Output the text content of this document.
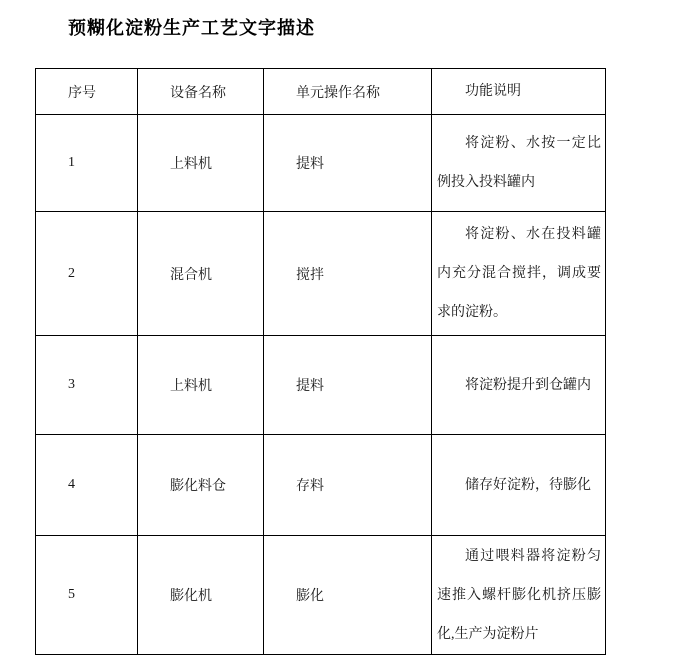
预糊化淀粉生产工艺文字描述
序号	设备名称	单元操作名称	功能说明
1	上料机	提料	将淀粉、水按一定比例投入投料罐内
2	混合机	搅拌	将淀粉、水在投料罐内充分混合搅拌，调成要求的淀粉。
3	上料机	提料	将淀粉提升到仓罐内
4	膨化料仓	存料	储存好淀粉，待膨化
5	膨化机	膨化	通过喂料器将淀粉匀速推入螺杆膨化机挤压膨化,生产为淀粉片
